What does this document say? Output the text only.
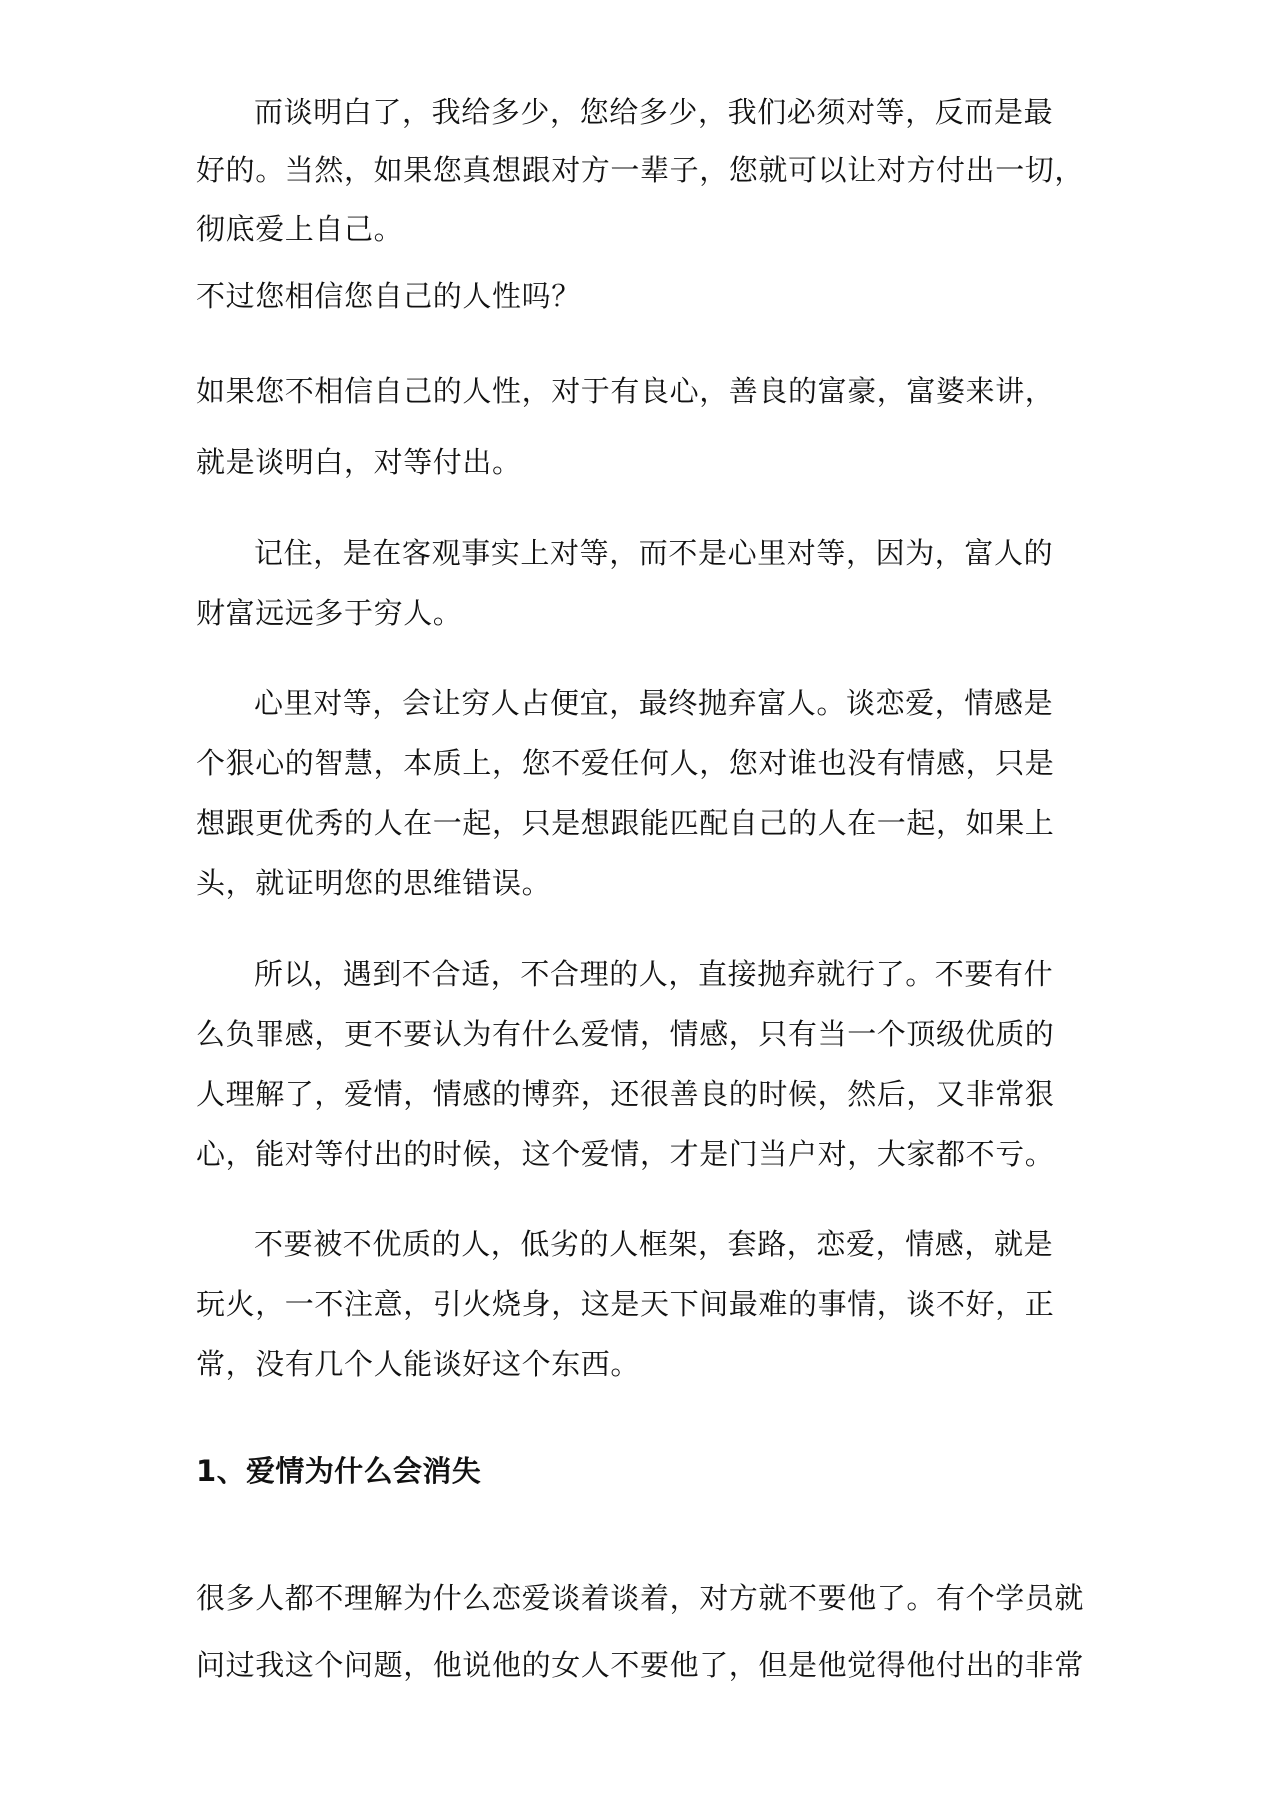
而谈明白了，我给多少，您给多少，我们必须对等，反而是最
好的。当然，如果您真想跟对方一辈子，您就可以让对方付出一切，
彻底爱上自己。
不过您相信您自己的人性吗？
如果您不相信自己的人性，对于有良心，善良的富豪，富婆来讲，
就是谈明白，对等付出。
记住，是在客观事实上对等，而不是心里对等，因为，富人的
财富远远多于穷人。
心里对等，会让穷人占便宜，最终抛弃富人。谈恋爱，情感是
个狠心的智慧，本质上，您不爱任何人，您对谁也没有情感，只是
想跟更优秀的人在一起，只是想跟能匹配自己的人在一起，如果上
头，就证明您的思维错误。
所以，遇到不合适，不合理的人，直接抛弃就行了。不要有什
么负罪感，更不要认为有什么爱情，情感，只有当一个顶级优质的
人理解了，爱情，情感的博弈，还很善良的时候，然后，又非常狠
心，能对等付出的时候，这个爱情，才是门当户对，大家都不亏。
不要被不优质的人，低劣的人框架，套路，恋爱，情感，就是
玩火，一不注意，引火烧身，这是天下间最难的事情，谈不好，正
常，没有几个人能谈好这个东西。
1、爱情为什么会消失
很多人都不理解为什么恋爱谈着谈着，对方就不要他了。有个学员就
问过我这个问题，他说他的女人不要他了，但是他觉得他付出的非常
